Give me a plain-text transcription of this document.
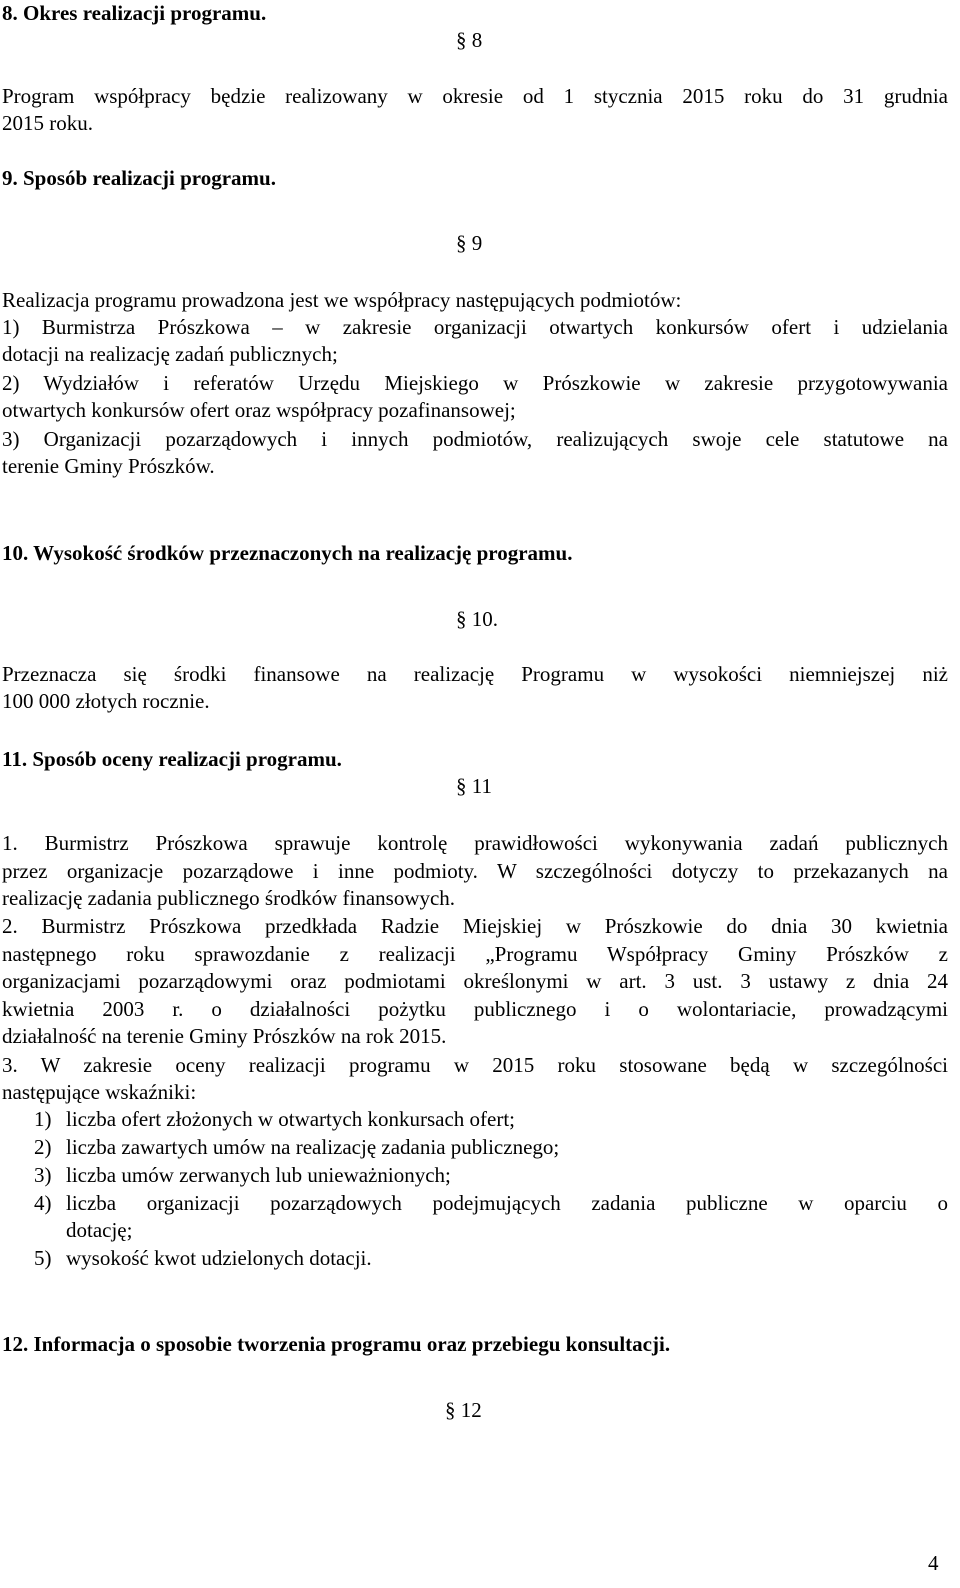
8. Okres realizacji programu.
§ 8
Program współpracy będzie realizowany w okresie od 1 stycznia 2015 roku do 31 grudnia
2015 roku.
9. Sposób realizacji programu.
§ 9
Realizacja programu prowadzona jest we współpracy następujących podmiotów:
1) Burmistrza Prószkowa – w zakresie organizacji otwartych konkursów ofert i udzielania
dotacji na realizację zadań publicznych;
2) Wydziałów i referatów Urzędu Miejskiego w Prószkowie w zakresie przygotowywania
otwartych konkursów ofert oraz współpracy pozafinansowej;
3) Organizacji pozarządowych i innych podmiotów, realizujących swoje cele statutowe na
terenie Gminy Prószków.
10. Wysokość środków przeznaczonych na realizację programu.
§ 10.
Przeznacza się środki finansowe na realizację Programu w wysokości niemniejszej niż
100 000 złotych rocznie.
11. Sposób oceny realizacji programu.
§ 11
1. Burmistrz Prószkowa sprawuje kontrolę prawidłowości wykonywania zadań publicznych
przez organizacje pozarządowe i inne podmioty. W szczególności dotyczy to przekazanych na
realizację zadania publicznego środków finansowych.
2. Burmistrz Prószkowa przedkłada Radzie Miejskiej w Prószkowie do dnia 30 kwietnia
następnego roku sprawozdanie z realizacji „Programu Współpracy Gminy Prószków z
organizacjami pozarządowymi oraz podmiotami określonymi w art. 3 ust. 3 ustawy z dnia 24
kwietnia 2003 r. o działalności pożytku publicznego i o wolontariacie, prowadzącymi
działalność na terenie Gminy Prószków na rok 2015.
3. W zakresie oceny realizacji programu w 2015 roku stosowane będą w szczególności
następujące wskaźniki:
1) liczba ofert złożonych w otwartych konkursach ofert;
2) liczba zawartych umów na realizację zadania publicznego;
3) liczba umów zerwanych lub unieważnionych;
4) liczba organizacji pozarządowych podejmujących zadania publiczne w oparciu o
dotację;
5) wysokość kwot udzielonych dotacji.
12. Informacja o sposobie tworzenia programu oraz przebiegu konsultacji.
§ 12
4
